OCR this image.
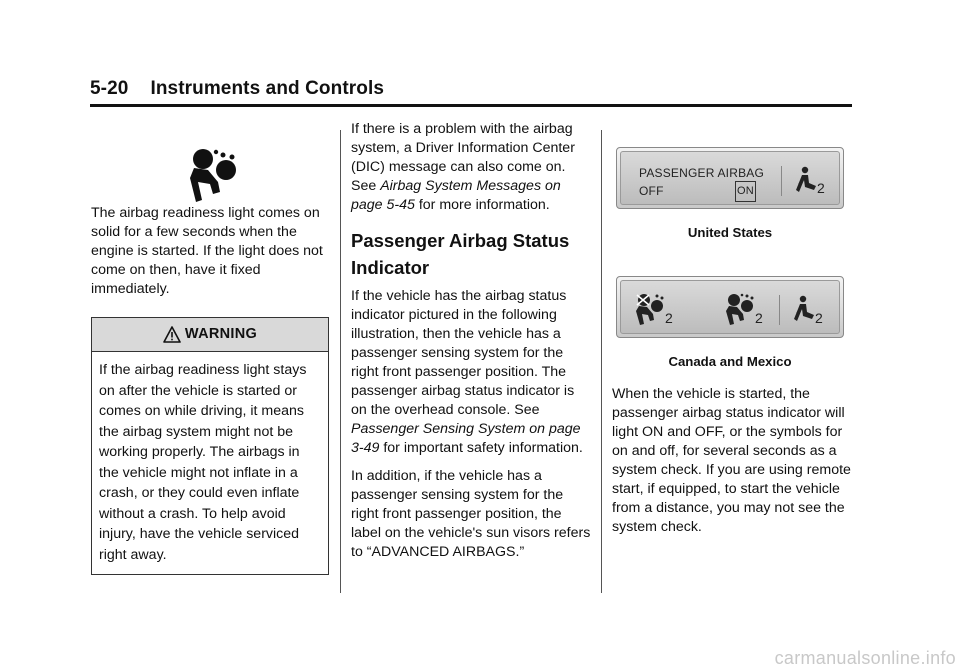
5-20 Instruments and Controls

The airbag readiness light comes on solid for a few seconds when the engine is started. If the light does not come on then, have it fixed immediately.

WARNING
If the airbag readiness light stays on after the vehicle is started or comes on while driving, it means the airbag system might not be working properly. The airbags in the vehicle might not inflate in a crash, or they could even inflate without a crash. To help avoid injury, have the vehicle serviced right away.

If there is a problem with the airbag system, a Driver Information Center (DIC) message can also come on. See Airbag System Messages on page 5-45 for more information.

Passenger Airbag Status Indicator

If the vehicle has the airbag status indicator pictured in the following illustration, then the vehicle has a passenger sensing system for the right front passenger position. The passenger airbag status indicator is on the overhead console. See Passenger Sensing System on page 3-49 for important safety information.

In addition, if the vehicle has a passenger sensing system for the right front passenger position, the label on the vehicle's sun visors refers to “ADVANCED AIRBAGS.”

PASSENGER AIRBAG
OFF	ON	2
United States
2	2	2
Canada and Mexico

When the vehicle is started, the passenger airbag status indicator will light ON and OFF, or the symbols for on and off, for several seconds as a system check. If you are using remote start, if equipped, to start the vehicle from a distance, you may not see the system check.

carmanualsonline.info
